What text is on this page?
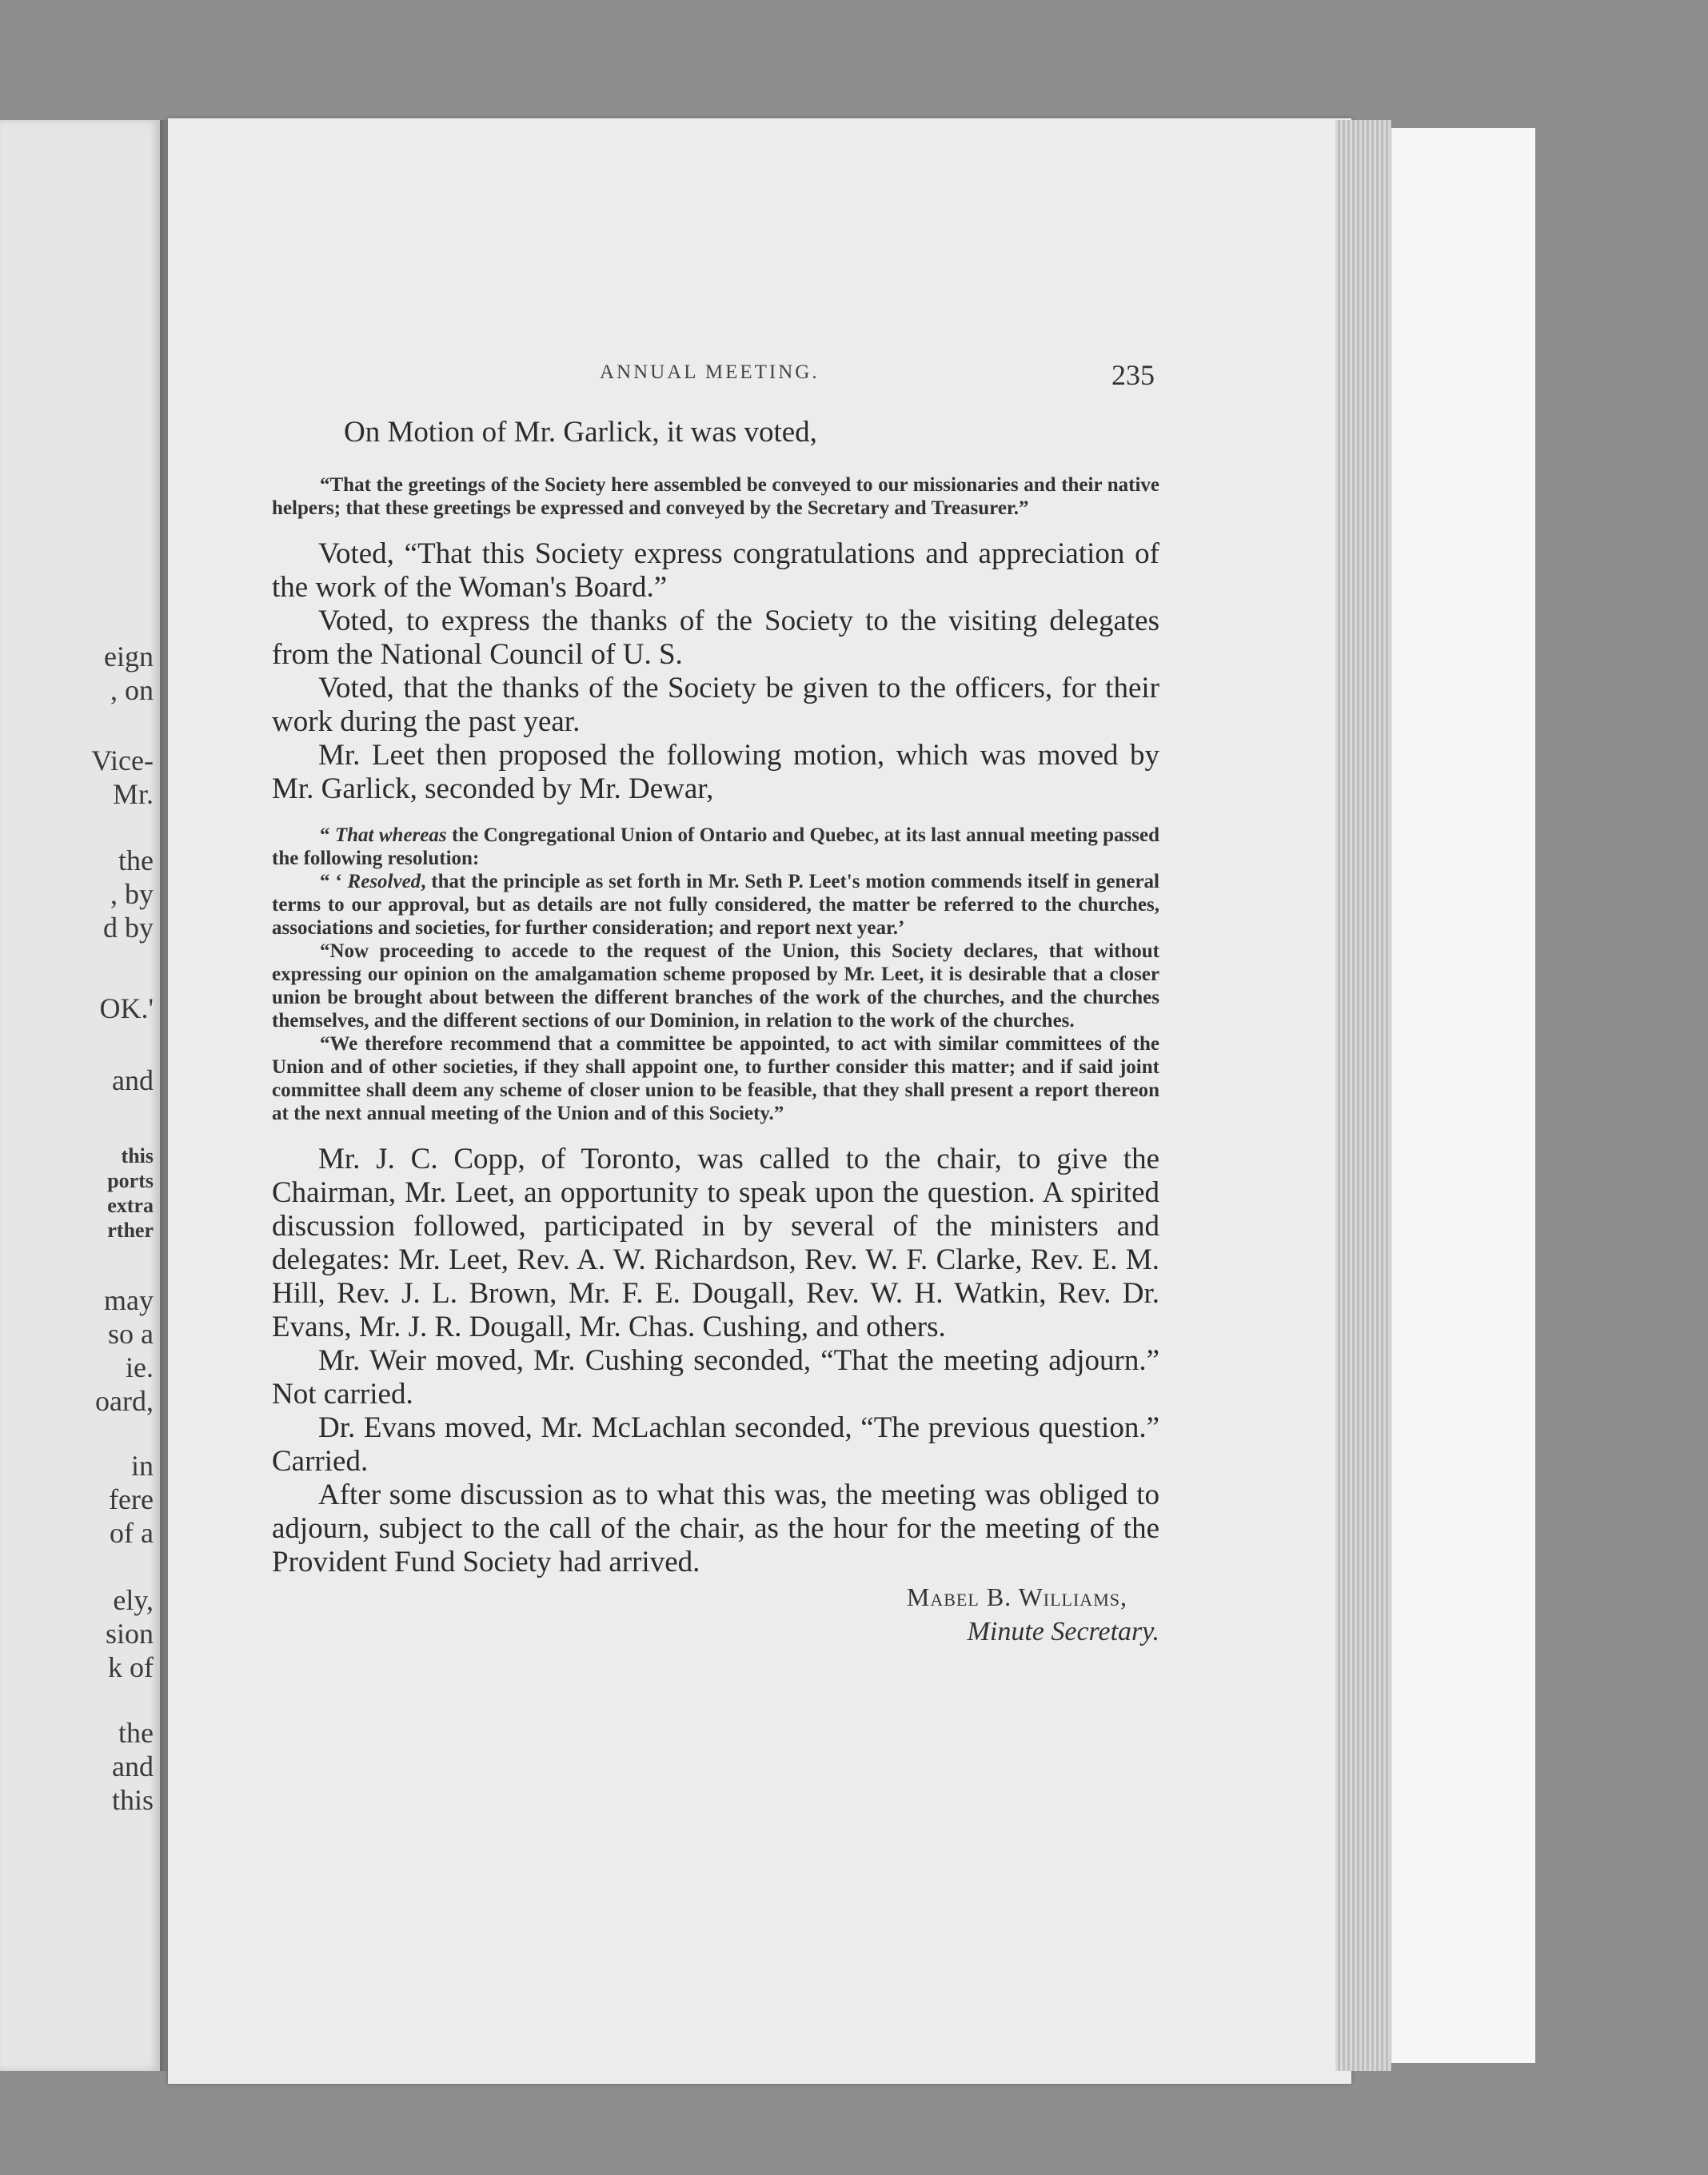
eign
, on
Vice-
Mr.
the
, by
d by
OK.'
and
this
ports
extra
rther
may
so a
ie.
oard,
in
fere
of a
ely,
sion
k of
the
and
this
ANNUAL MEETING.	235

On Motion of Mr. Garlick, it was voted,

“That the greetings of the Society here assembled be conveyed to our missionaries and their native helpers; that these greetings be expressed and conveyed by the Secretary and Treasurer.”

Voted, “That this Society express congratulations and appreciation of the work of the Woman's Board.”

Voted, to express the thanks of the Society to the visiting delegates from the National Council of U. S.

Voted, that the thanks of the Society be given to the officers, for their work during the past year.

Mr. Leet then proposed the following motion, which was moved by Mr. Garlick, seconded by Mr. Dewar,

“ That whereas the Congregational Union of Ontario and Quebec, at its last annual meeting passed the following resolution:

“ ‘ Resolved, that the principle as set forth in Mr. Seth P. Leet's motion commends itself in general terms to our approval, but as details are not fully considered, the matter be referred to the churches, associations and societies, for further consideration; and report next year.’

“Now proceeding to accede to the request of the Union, this Society declares, that without expressing our opinion on the amalgamation scheme proposed by Mr. Leet, it is desirable that a closer union be brought about between the different branches of the work of the churches, and the churches themselves, and the different sections of our Dominion, in relation to the work of the churches.

“We therefore recommend that a committee be appointed, to act with similar committees of the Union and of other societies, if they shall appoint one, to further consider this matter; and if said joint committee shall deem any scheme of closer union to be feasible, that they shall present a report thereon at the next annual meeting of the Union and of this Society.”

Mr. J. C. Copp, of Toronto, was called to the chair, to give the Chairman, Mr. Leet, an opportunity to speak upon the question. A spirited discussion followed, participated in by several of the ministers and delegates: Mr. Leet, Rev. A. W. Richardson, Rev. W. F. Clarke, Rev. E. M. Hill, Rev. J. L. Brown, Mr. F. E. Dougall, Rev. W. H. Watkin, Rev. Dr. Evans, Mr. J. R. Dougall, Mr. Chas. Cushing, and others.

Mr. Weir moved, Mr. Cushing seconded, “That the meeting adjourn.” Not carried.

Dr. Evans moved, Mr. McLachlan seconded, “The previous question.” Carried.

After some discussion as to what this was, the meeting was obliged to adjourn, subject to the call of the chair, as the hour for the meeting of the Provident Fund Society had arrived.

Mabel B. Williams,
Minute Secretary.
